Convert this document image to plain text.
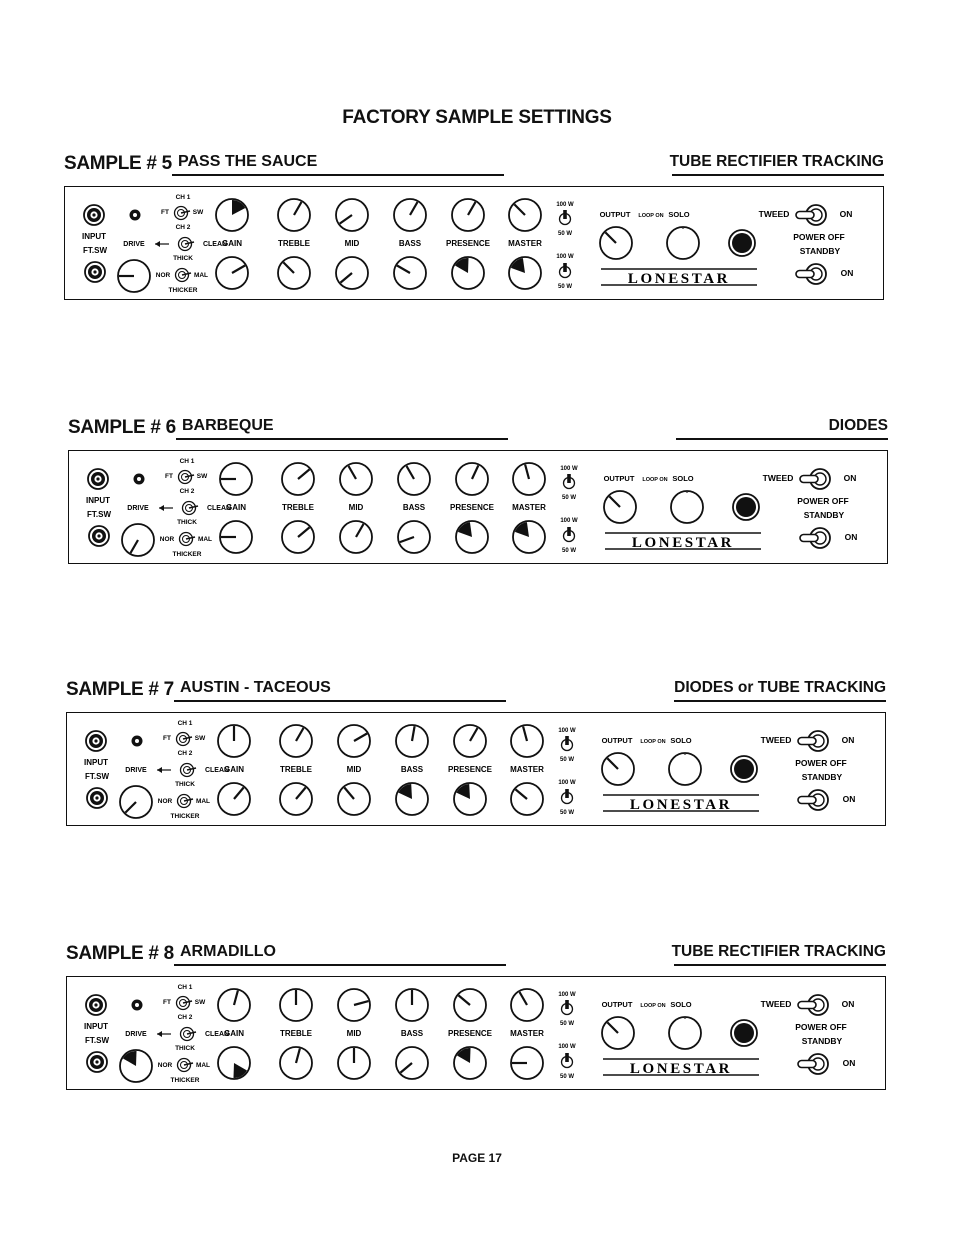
FACTORY SAMPLE SETTINGS
SAMPLE # 5 PASS THE SAUCE	TUBE RECTIFIER TRACKING
INPUT
FT.SW
DRIVE
CH 1
FT	SW
CH 2
CLEAN
THICK
NOR	MAL
THICKER
GAIN	TREBLE	MID	BASS	PRESENCE MASTER
100 W
50 W
100 W
50 W
OUTPUT LOOP ON SOLO
LONESTAR
TWEED	ON
POWER OFF
STANDBY
ON
SAMPLE # 6 BARBEQUE	DIODES
INPUT
FT.SW
DRIVE
CH 1
FT	SW
CH 2
CLEAN
THICK
NOR	MAL
THICKER
GAIN	TREBLE	MID	BASS	PRESENCE MASTER
100 W
50 W
100 W
50 W
OUTPUT LOOP ON SOLO
LONESTAR
TWEED	ON
POWER OFF
STANDBY
ON
SAMPLE # 7 AUSTIN - TACEOUS	DIODES or TUBE TRACKING
INPUT
FT.SW
DRIVE
CH 1
FT	SW
CH 2
CLEAN
THICK
NOR	MAL
THICKER
GAIN	TREBLE	MID	BASS	PRESENCE MASTER
100 W
50 W
100 W
50 W
OUTPUT LOOP ON SOLO
LONESTAR
TWEED	ON
POWER OFF
STANDBY
ON
SAMPLE # 8 ARMADILLO	TUBE RECTIFIER TRACKING
INPUT
FT.SW
DRIVE
CH 1
FT	SW
CH 2
CLEAN
THICK
NOR	MAL
THICKER
GAIN	TREBLE	MID	BASS	PRESENCE MASTER
100 W
50 W
100 W
50 W
OUTPUT LOOP ON SOLO
LONESTAR
TWEED	ON
POWER OFF
STANDBY
ON
PAGE 17
